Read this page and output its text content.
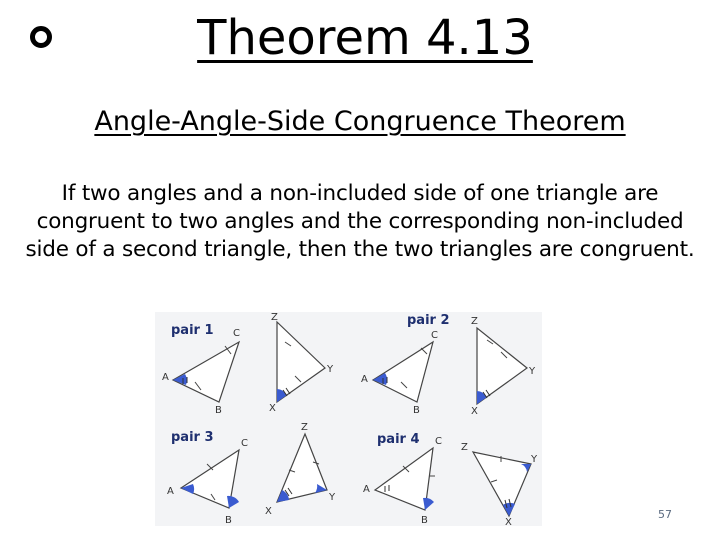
Theorem 4.13
Angle-Angle-Side Congruence Theorem
If two angles and a non-included side of one triangle are congruent to two angles and the corresponding non-included side of a second triangle, then the two triangles are congruent.
pair 1
A
B
C
Z
X
Y
pair 2
A
B
C
Z
X
Y
pair 3
A
B
C
Z
X
Y
pair 4
A
B
C
Z
X
Y
57
